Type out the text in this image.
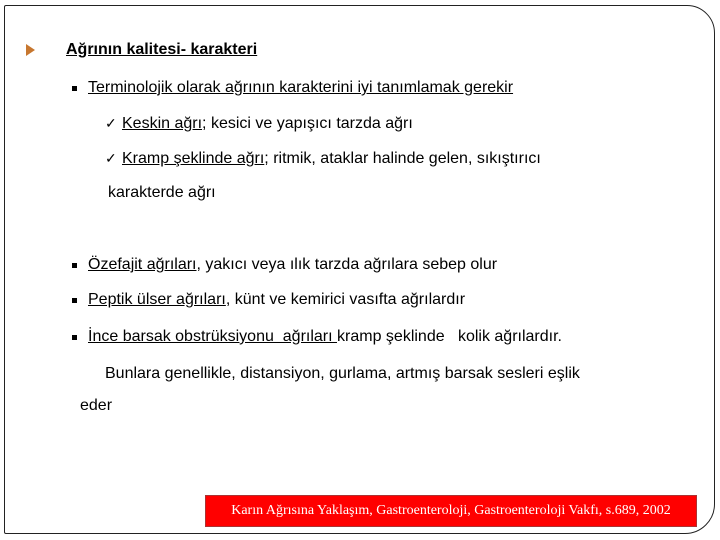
Ağrının kalitesi- karakteri
Terminolojik olarak ağrının karakterini iyi tanımlamak gerekir
✓ Keskin ağrı; kesici ve yapışıcı tarzda ağrı
✓ Kramp şeklinde ağrı; ritmik, ataklar halinde gelen, sıkıştırıcı
karakterde ağrı
Özefajit ağrıları, yakıcı veya ılık tarzda ağrılara sebep olur
Peptik ülser ağrıları, künt ve kemirici vasıfta ağrılardır
İnce barsak obstrüksiyonu  ağrıları kramp şeklinde   kolik ağrılardır.
Bunlara genellikle, distansiyon, gurlama, artmış barsak sesleri eşlik
eder
Karın Ağrısına Yaklaşım, Gastroenteroloji, Gastroenteroloji Vakfı, s.689, 2002
